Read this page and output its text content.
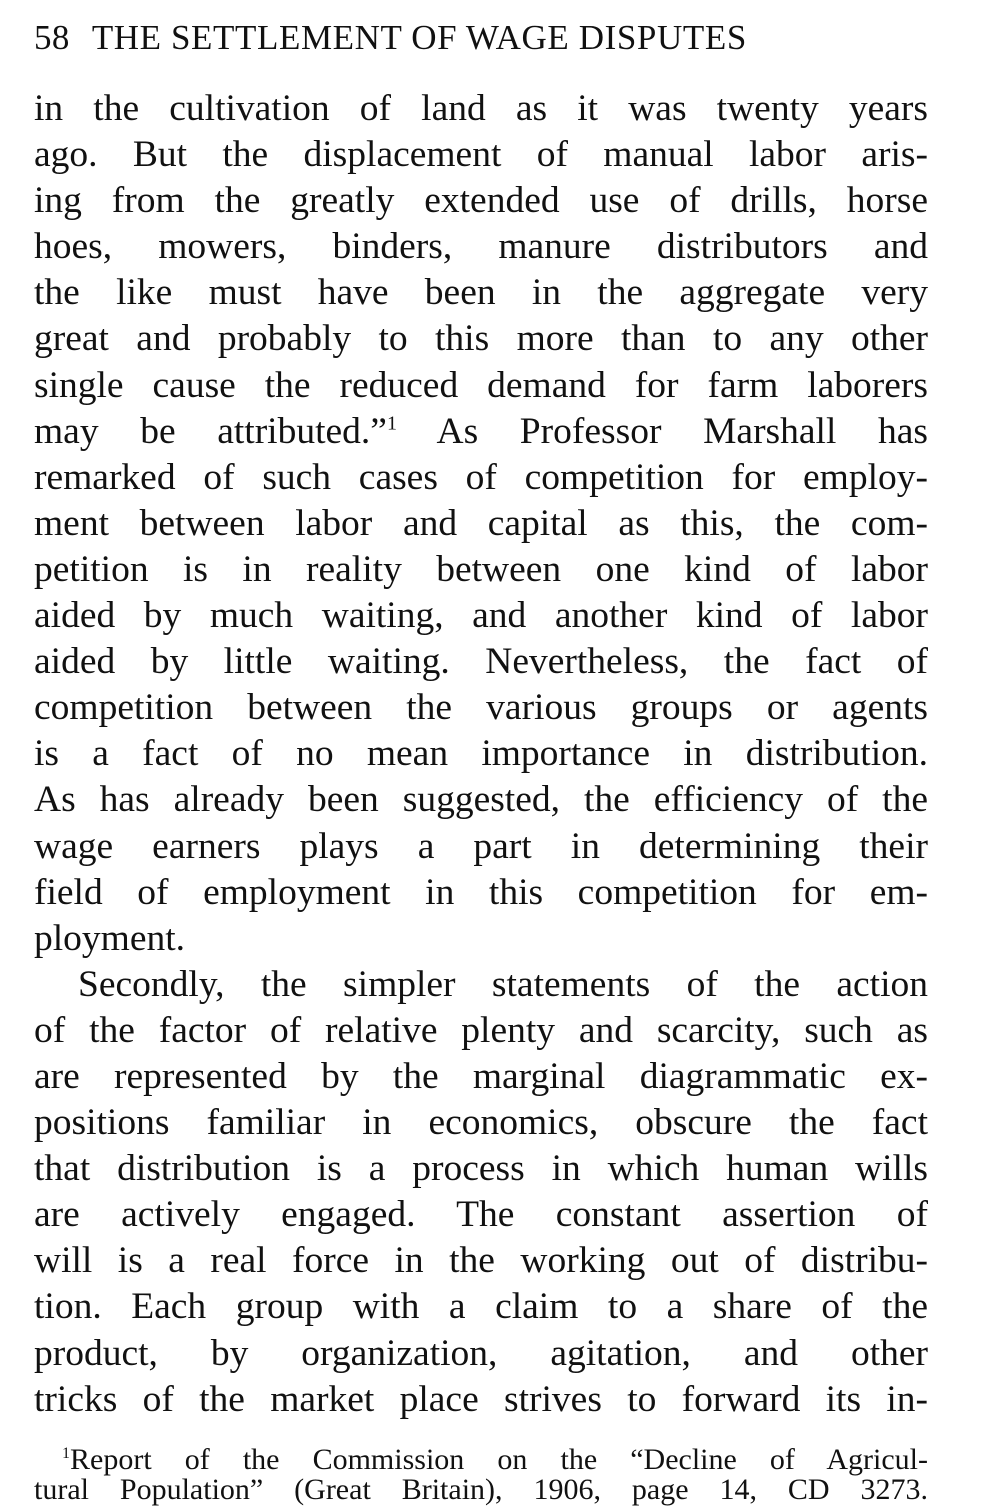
58 THE SETTLEMENT OF WAGE DISPUTES
in the cultivation of land as it was twenty years
ago. But the displacement of manual labor aris-
ing from the greatly extended use of drills, horse
hoes, mowers, binders, manure distributors and
the like must have been in the aggregate very
great and probably to this more than to any other
single cause the reduced demand for farm laborers
may be attributed.”$^1$ As Professor Marshall has
remarked of such cases of competition for employ-
ment between labor and capital as this, the com-
petition is in reality between one kind of labor
aided by much waiting, and another kind of labor
aided by little waiting. Nevertheless, the fact of
competition between the various groups or agents
is a fact of no mean importance in distribution.
As has already been suggested, the efficiency of the
wage earners plays a part in determining their
field of employment in this competition for em-
ployment.
Secondly, the simpler statements of the action
of the factor of relative plenty and scarcity, such as
are represented by the marginal diagrammatic ex-
positions familiar in economics, obscure the fact
that distribution is a process in which human wills
are actively engaged. The constant assertion of
will is a real force in the working out of distribu-
tion. Each group with a claim to a share of the
product, by organization, agitation, and other
tricks of the market place strives to forward its in-
$^1$Report of the Commission on the “Decline of Agricul-
tural Population” (Great Britain), 1906, page 14, CD 3273.
